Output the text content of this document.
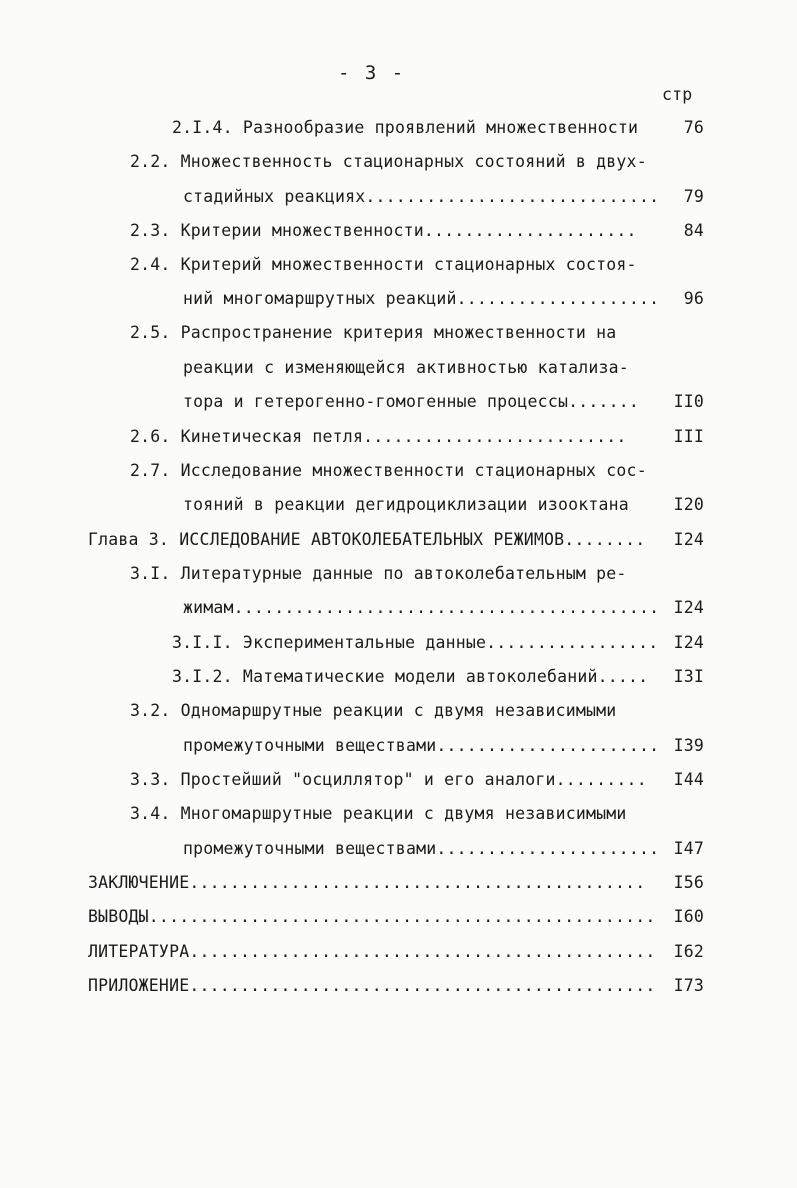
- 3 -
стр
2.I.4. Разнообразие проявлений множественности	76
2.2. Множественность стационарных состояний в двух-
стадийных реакциях.............................	79
2.3. Критерии множественности.....................	84
2.4. Критерий множественности стационарных состоя-
ний многомаршрутных реакций....................	96
2.5. Распространение критерия множественности на
реакции с изменяющейся активностью катализа-
тора и гетерогенно-гомогенные процессы.......	II0
2.6. Кинетическая петля..........................	III
2.7. Исследование множественности стационарных сос-
тояний в реакции дегидроциклизации изооктана	I20
Глава 3. ИССЛЕДОВАНИЕ АВТОКОЛЕБАТЕЛЬНЫХ РЕЖИМОВ........	I24
3.I. Литературные данные по автоколебательным ре-
жимам.......................................... I24
3.I.I. Экспериментальные данные................. I24
3.I.2. Математические модели автоколебаний.....	I3I
3.2. Одномаршрутные реакции с двумя независимыми
промежуточными веществами...................... I39
3.3. Простейший "осциллятор" и его аналоги.........	I44
3.4. Многомаршрутные реакции с двумя независимыми
промежуточными веществами...................... I47
ЗАКЛЮЧЕНИЕ.............................................	I56
ВЫВОДЫ..................................................	I60
ЛИТЕРАТУРА..............................................	I62
ПРИЛОЖЕНИЕ..............................................	I73
